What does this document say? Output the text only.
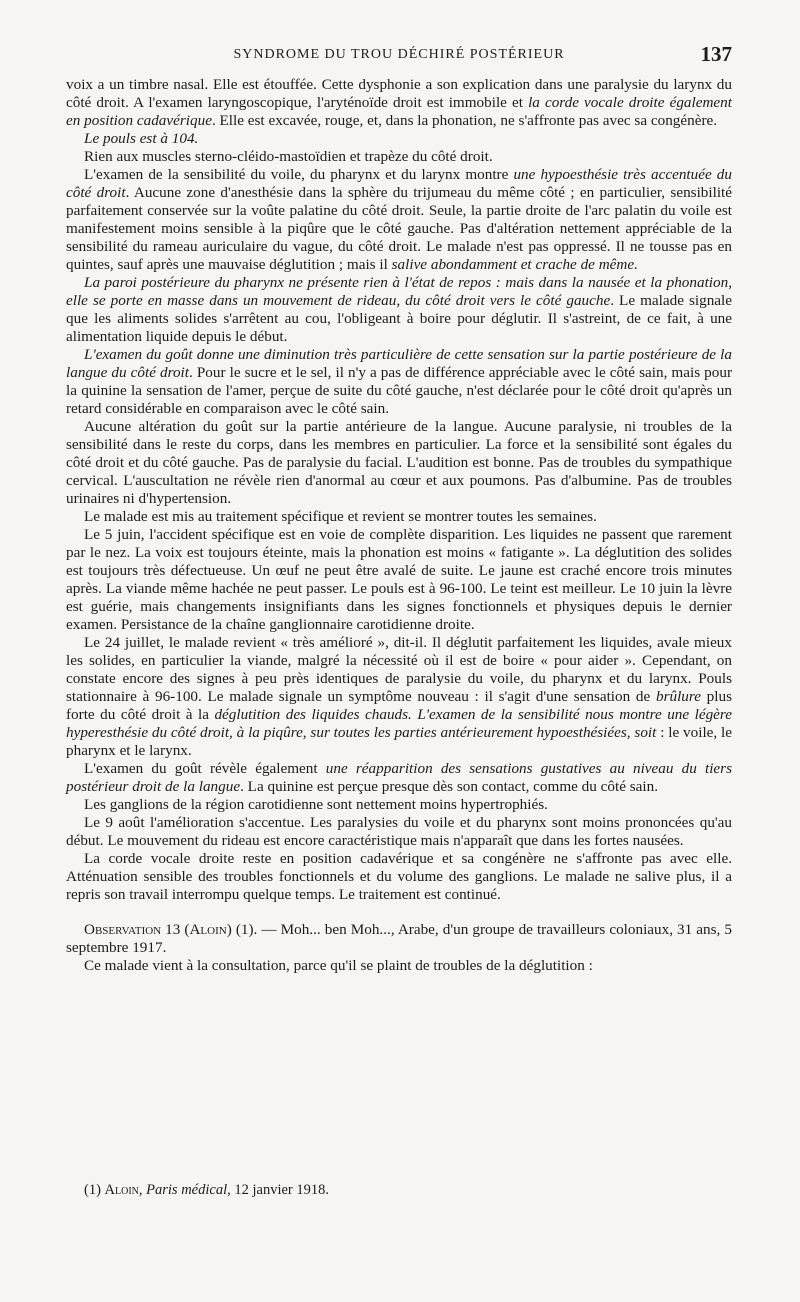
SYNDROME DU TROU DÉCHIRÉ POSTÉRIEUR	137

voix a un timbre nasal. Elle est étouffée. Cette dysphonie a son explication dans une paralysie du larynx du côté droit. A l'examen laryngoscopique, l'aryténoïde droit est immobile et la corde vocale droite également en position cadavérique. Elle est excavée, rouge, et, dans la phonation, ne s'affronte pas avec sa congénère.

Le pouls est à 104.

Rien aux muscles sterno-cléido-mastoïdien et trapèze du côté droit.

L'examen de la sensibilité du voile, du pharynx et du larynx montre une hypoesthésie très accentuée du côté droit. Aucune zone d'anesthésie dans la sphère du trijumeau du même côté ; en particulier, sensibilité parfaitement conservée sur la voûte palatine du côté droit. Seule, la partie droite de l'arc palatin du voile est manifestement moins sensible à la piqûre que le côté gauche. Pas d'altération nettement appréciable de la sensibilité du rameau auriculaire du vague, du côté droit. Le malade n'est pas oppressé. Il ne tousse pas en quintes, sauf après une mauvaise déglutition ; mais il salive abondamment et crache de même.

La paroi postérieure du pharynx ne présente rien à l'état de repos : mais dans la nausée et la phonation, elle se porte en masse dans un mouvement de rideau, du côté droit vers le côté gauche. Le malade signale que les aliments solides s'arrêtent au cou, l'obligeant à boire pour déglutir. Il s'astreint, de ce fait, à une alimentation liquide depuis le début.

L'examen du goût donne une diminution très particulière de cette sensation sur la partie postérieure de la langue du côté droit. Pour le sucre et le sel, il n'y a pas de différence appréciable avec le côté sain, mais pour la quinine la sensation de l'amer, perçue de suite du côté gauche, n'est déclarée pour le côté droit qu'après un retard considérable en comparaison avec le côté sain.

Aucune altération du goût sur la partie antérieure de la langue. Aucune paralysie, ni troubles de la sensibilité dans le reste du corps, dans les membres en particulier. La force et la sensibilité sont égales du côté droit et du côté gauche. Pas de paralysie du facial. L'audition est bonne. Pas de troubles du sympathique cervical. L'auscultation ne révèle rien d'anormal au cœur et aux poumons. Pas d'albumine. Pas de troubles urinaires ni d'hypertension.

Le malade est mis au traitement spécifique et revient se montrer toutes les semaines.

Le 5 juin, l'accident spécifique est en voie de complète disparition. Les liquides ne passent que rarement par le nez. La voix est toujours éteinte, mais la phonation est moins « fatigante ». La déglutition des solides est toujours très défectueuse. Un œuf ne peut être avalé de suite. Le jaune est craché encore trois minutes après. La viande même hachée ne peut passer. Le pouls est à 96-100. Le teint est meilleur. Le 10 juin la lèvre est guérie, mais changements insignifiants dans les signes fonctionnels et physiques depuis le dernier examen. Persistance de la chaîne ganglionnaire carotidienne droite.

Le 24 juillet, le malade revient « très amélioré », dit-il. Il déglutit parfaitement les liquides, avale mieux les solides, en particulier la viande, malgré la nécessité où il est de boire « pour aider ». Cependant, on constate encore des signes à peu près identiques de paralysie du voile, du pharynx et du larynx. Pouls stationnaire à 96-100. Le malade signale un symptôme nouveau : il s'agit d'une sensation de brûlure plus forte du côté droit à la déglutition des liquides chauds. L'examen de la sensibilité nous montre une légère hyperesthésie du côté droit, à la piqûre, sur toutes les parties antérieurement hypoesthésiées, soit : le voile, le pharynx et le larynx.

L'examen du goût révèle également une réapparition des sensations gustatives au niveau du tiers postérieur droit de la langue. La quinine est perçue presque dès son contact, comme du côté sain.

Les ganglions de la région carotidienne sont nettement moins hypertrophiés.

Le 9 août l'amélioration s'accentue. Les paralysies du voile et du pharynx sont moins prononcées qu'au début. Le mouvement du rideau est encore caractéristique mais n'apparaît que dans les fortes nausées.

La corde vocale droite reste en position cadavérique et sa congénère ne s'affronte pas avec elle. Atténuation sensible des troubles fonctionnels et du volume des ganglions. Le malade ne salive plus, il a repris son travail interrompu quelque temps. Le traitement est continué.

Observation 13 (Aloin) (1). — Moh... ben Moh..., Arabe, d'un groupe de travailleurs coloniaux, 31 ans, 5 septembre 1917.

Ce malade vient à la consultation, parce qu'il se plaint de troubles de la déglutition :

(1) Aloin, Paris médical, 12 janvier 1918.
